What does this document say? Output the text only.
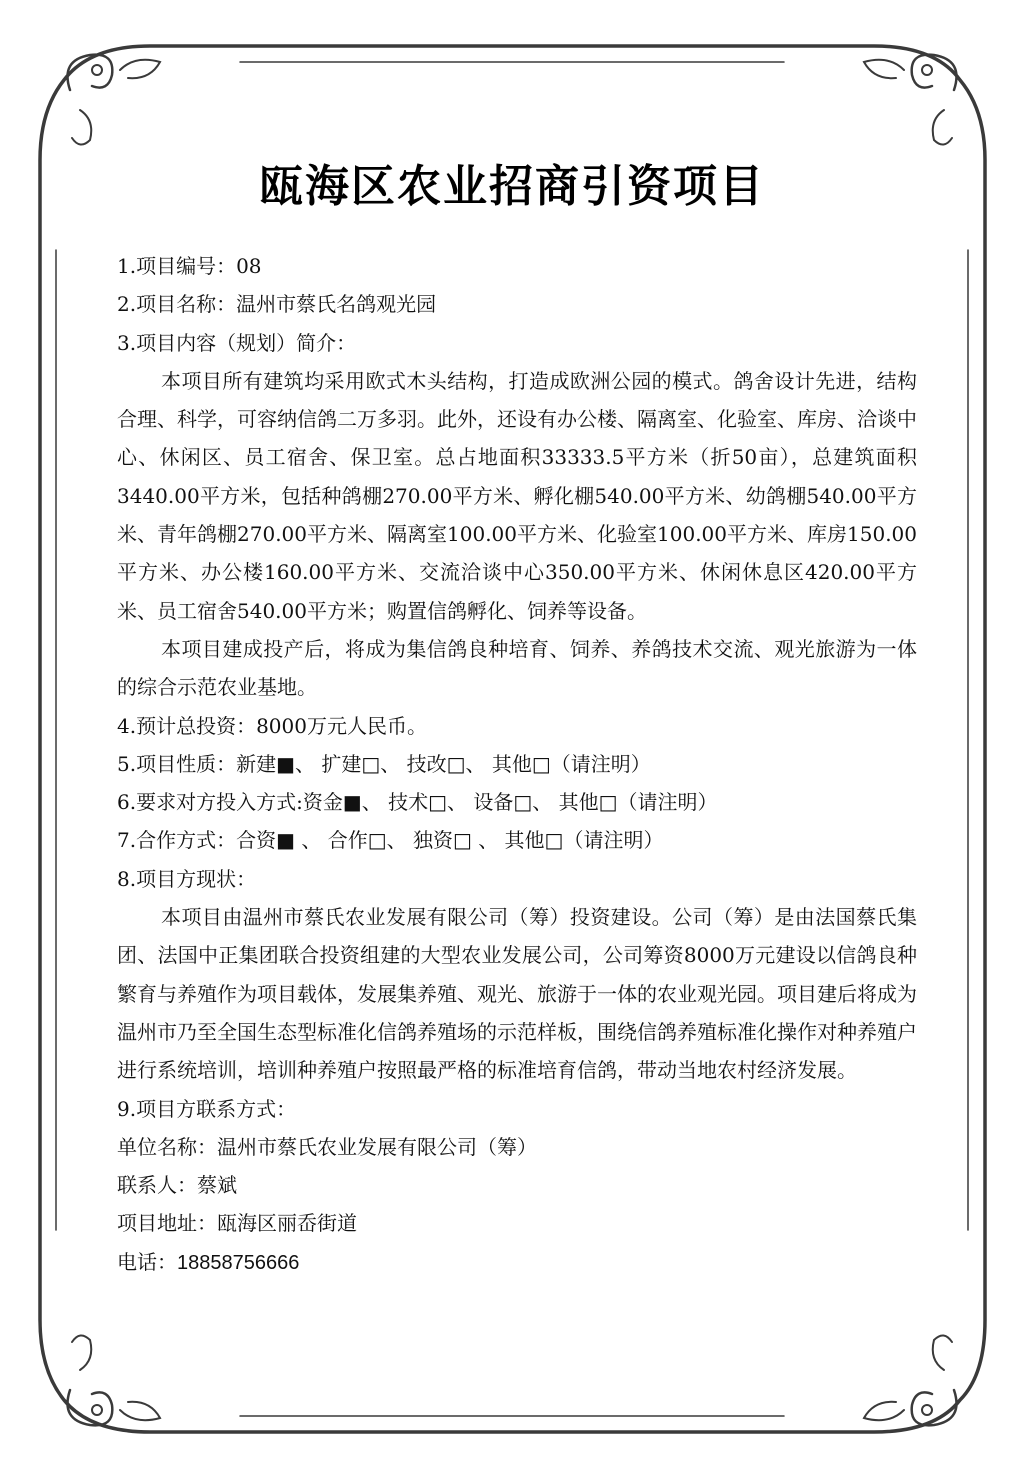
瓯海区农业招商引资项目
1.项目编号：08
2.项目名称：温州市蔡氏名鸽观光园
3.项目内容（规划）简介：
本项目所有建筑均采用欧式木头结构，打造成欧洲公园的模式。鸽舍设计先进，结构合理、科学，可容纳信鸽二万多羽。此外，还设有办公楼、隔离室、化验室、库房、洽谈中心、休闲区、员工宿舍、保卫室。总占地面积33333.5平方米（折50亩），总建筑面积3440.00平方米，包括种鸽棚270.00平方米、孵化棚540.00平方米、幼鸽棚540.00平方米、青年鸽棚270.00平方米、隔离室100.00平方米、化验室100.00平方米、库房150.00平方米、办公楼160.00平方米、交流洽谈中心350.00平方米、休闲休息区420.00平方米、员工宿舍540.00平方米；购置信鸽孵化、饲养等设备。
本项目建成投产后，将成为集信鸽良种培育、饲养、养鸽技术交流、观光旅游为一体的综合示范农业基地。
4.预计总投资：8000万元人民币。
5.项目性质：新建■、 扩建□、 技改□、 其他□（请注明）
6.要求对方投入方式:资金■、 技术□、 设备□、 其他□（请注明）
7.合作方式：合资■ 、 合作□、 独资□ 、 其他□（请注明）
8.项目方现状：
本项目由温州市蔡氏农业发展有限公司（筹）投资建设。公司（筹）是由法国蔡氏集团、法国中正集团联合投资组建的大型农业发展公司，公司筹资8000万元建设以信鸽良种繁育与养殖作为项目载体，发展集养殖、观光、旅游于一体的农业观光园。项目建后将成为温州市乃至全国生态型标准化信鸽养殖场的示范样板，围绕信鸽养殖标准化操作对种养殖户进行系统培训，培训种养殖户按照最严格的标准培育信鸽，带动当地农村经济发展。
9.项目方联系方式：
单位名称：温州市蔡氏农业发展有限公司（筹）
联系人：蔡斌
项目地址：瓯海区丽岙街道
电话：18858756666
